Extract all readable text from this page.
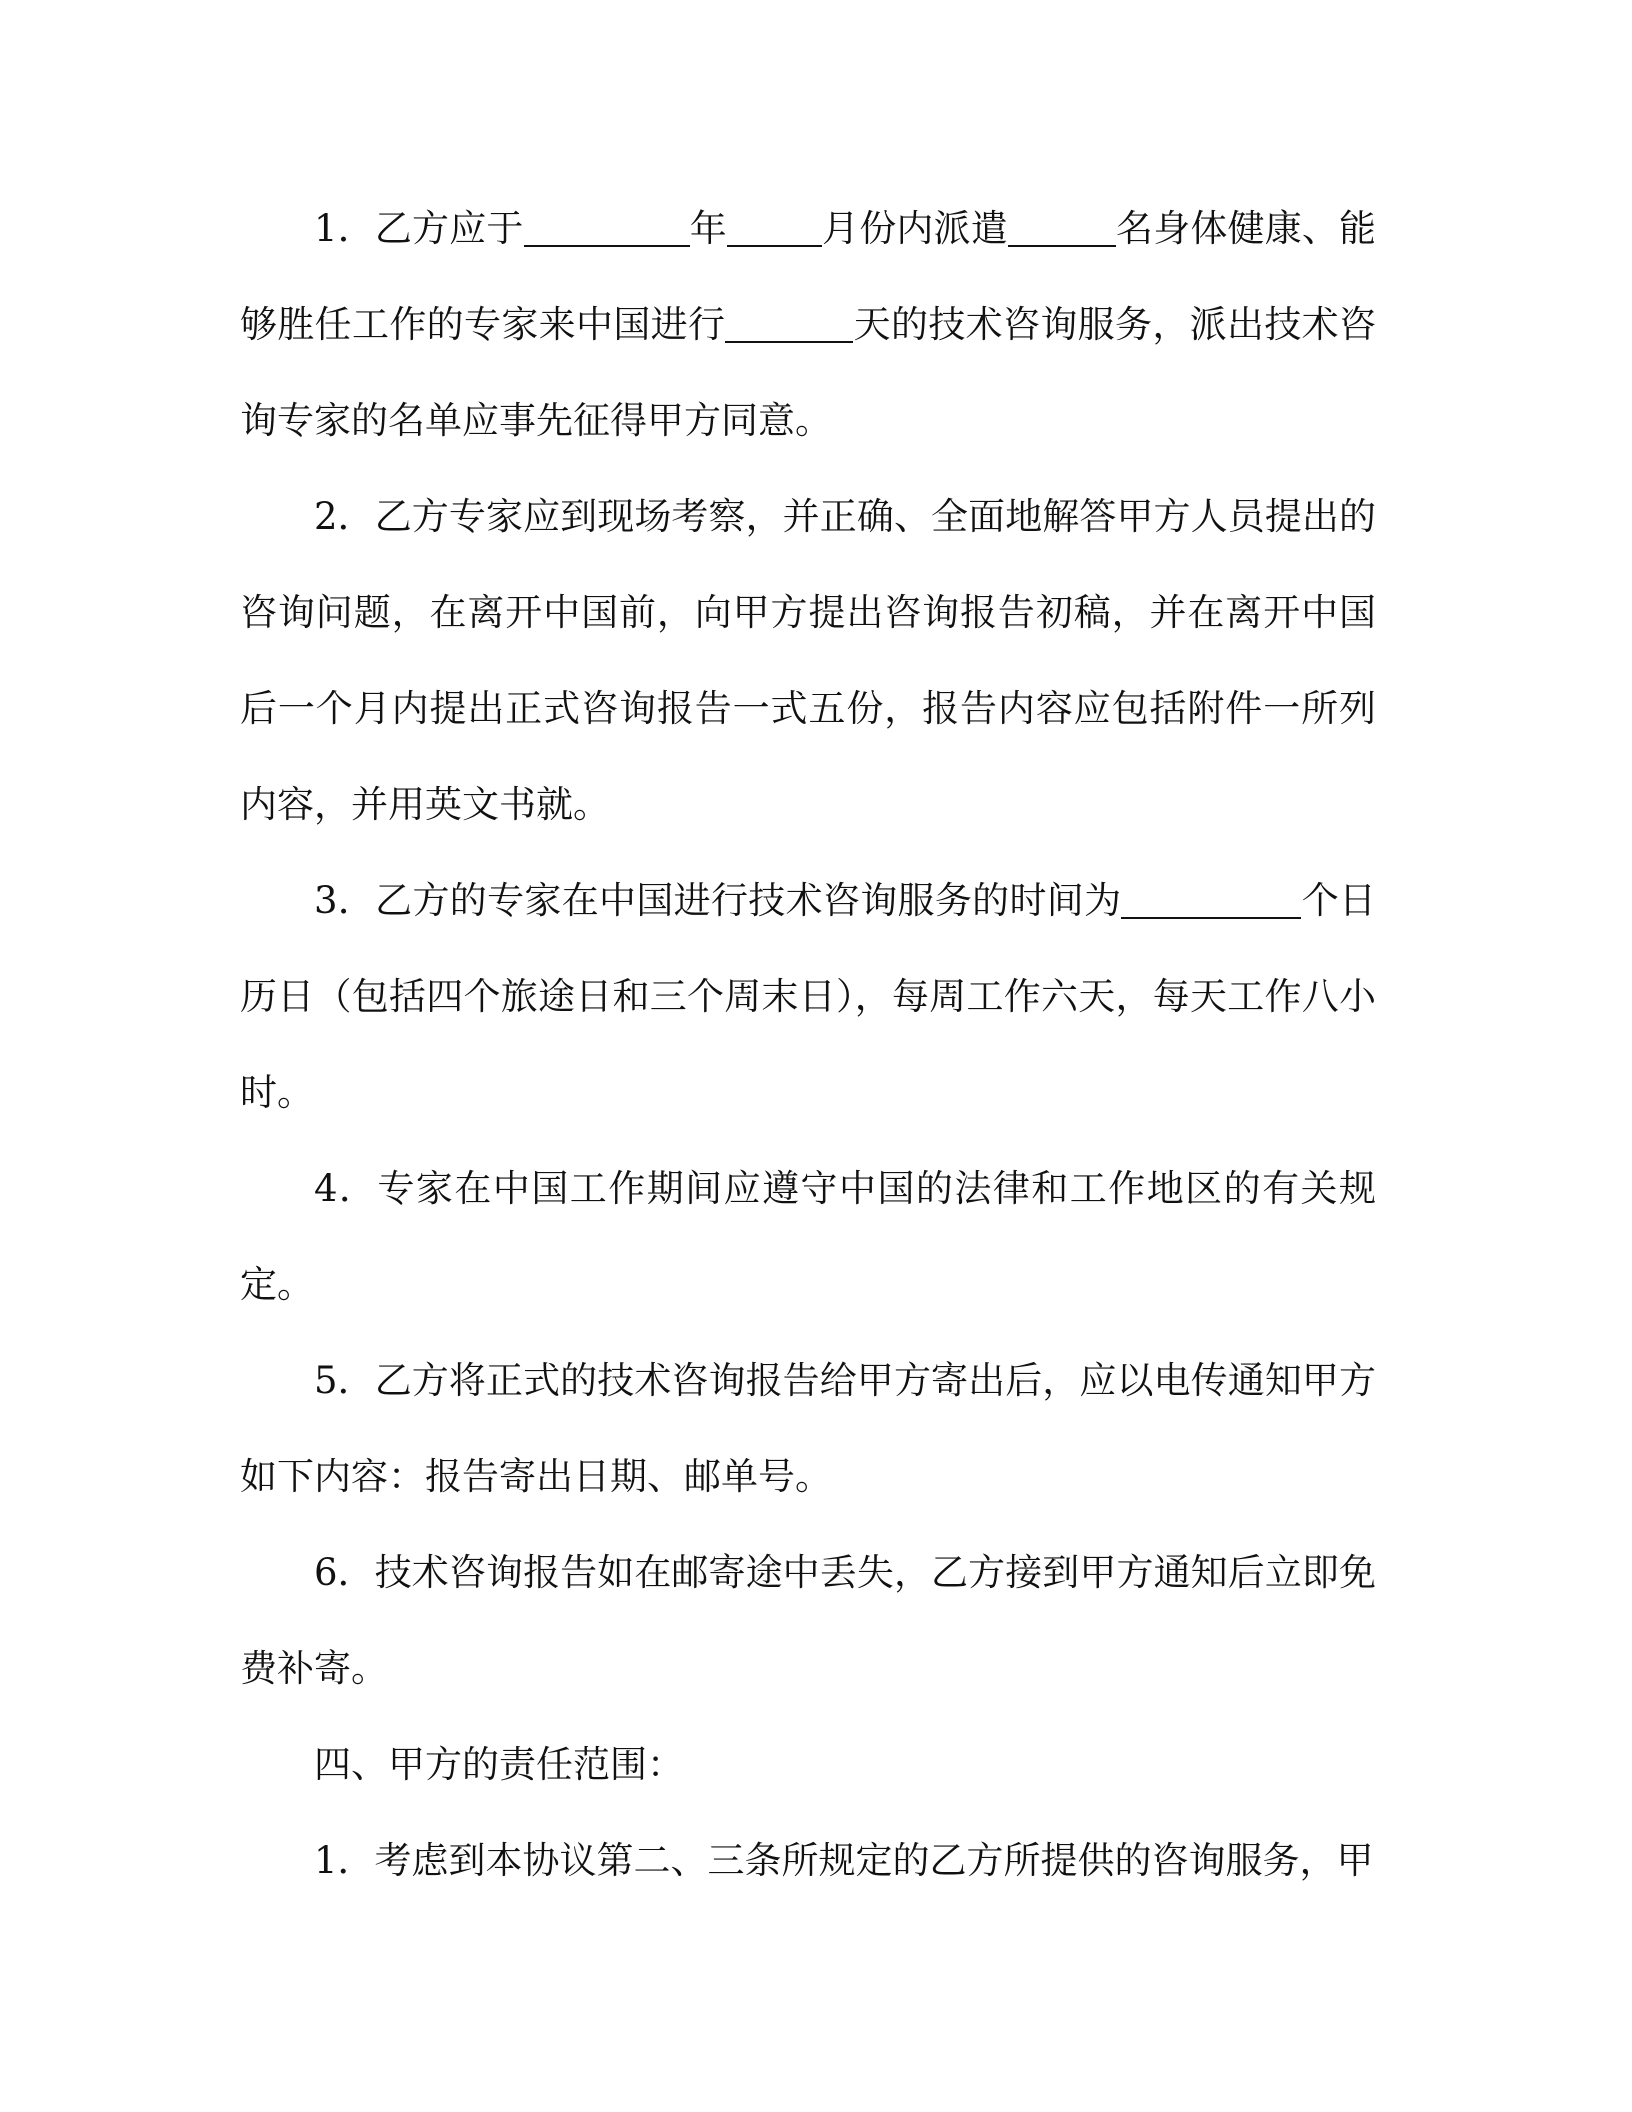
1．乙方应于	年	月份内派遣	名身体健康、能够胜任工作的专家来中国进行	天的技术咨询服务，派出技术咨询专家的名单应事先征得甲方同意。

2．乙方专家应到现场考察，并正确、全面地解答甲方人员提出的咨询问题，在离开中国前，向甲方提出咨询报告初稿，并在离开中国后一个月内提出正式咨询报告一式五份，报告内容应包括附件一所列内容，并用英文书就。

3．乙方的专家在中国进行技术咨询服务的时间为	个日历日（包括四个旅途日和三个周末日），每周工作六天，每天工作八小时。

4．专家在中国工作期间应遵守中国的法律和工作地区的有关规定。

5．乙方将正式的技术咨询报告给甲方寄出后，应以电传通知甲方如下内容：报告寄出日期、邮单号。

6．技术咨询报告如在邮寄途中丢失，乙方接到甲方通知后立即免费补寄。

四、甲方的责任范围：

1．考虑到本协议第二、三条所规定的乙方所提供的咨询服务，甲
